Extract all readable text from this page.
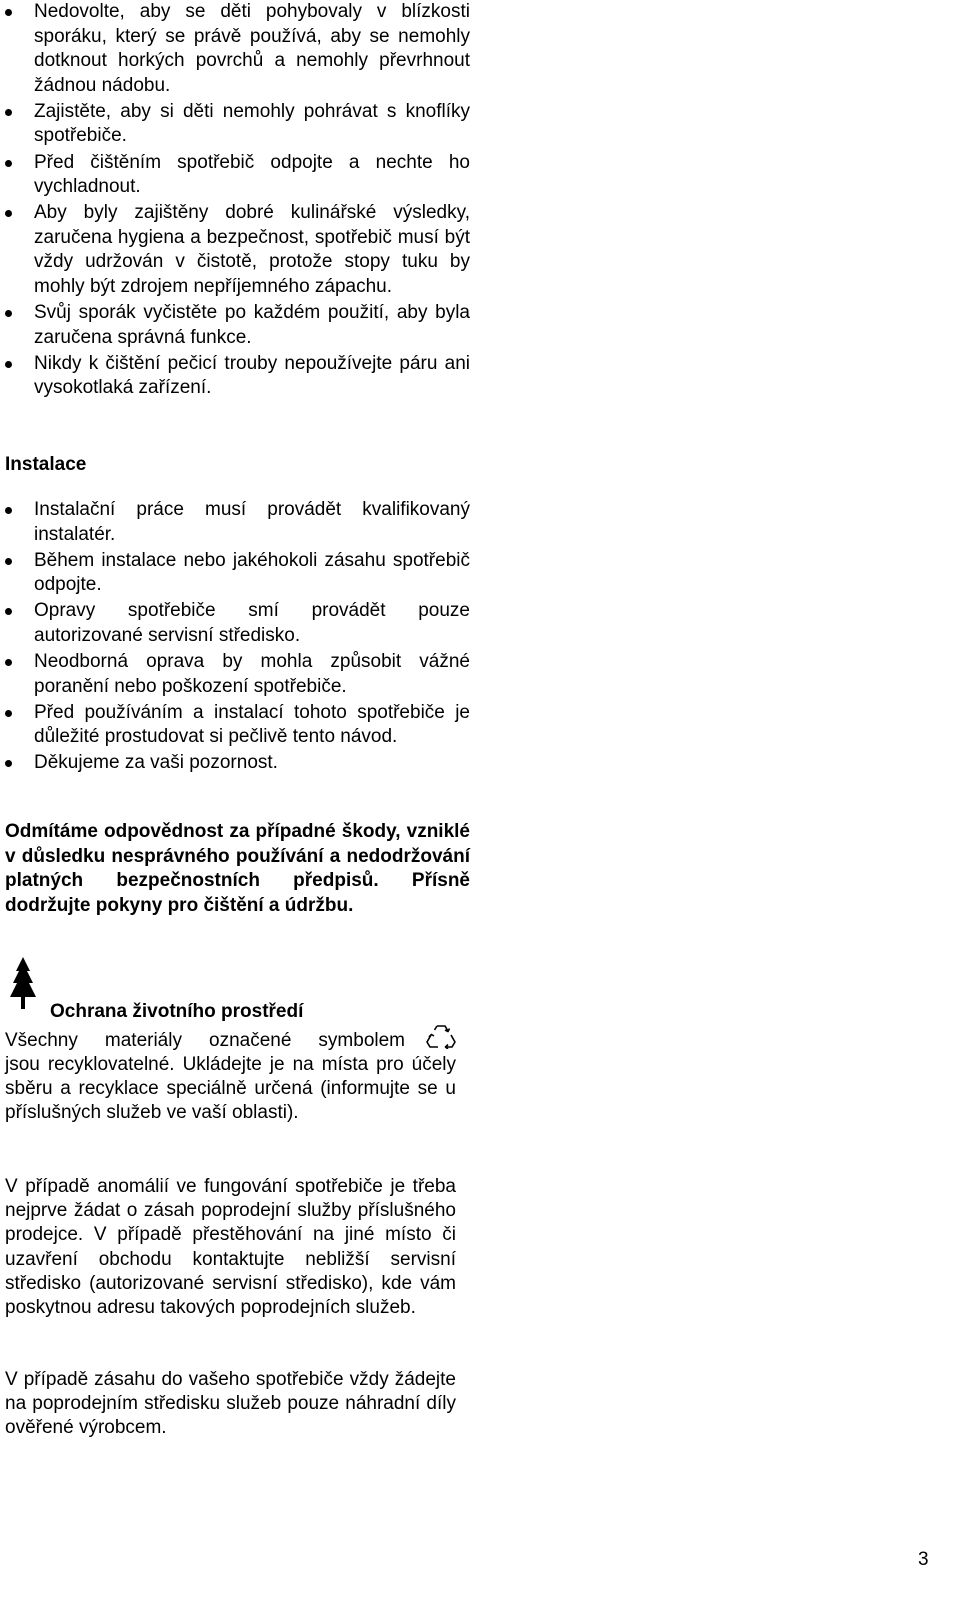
Nedovolte, aby se děti pohybovaly v blízkosti sporáku, který se právě používá, aby se nemohly dotknout horkých povrchů a nemohly převrhnout žádnou nádobu.
Zajistěte, aby si děti nemohly pohrávat s knoflíky spotřebiče.
Před čištěním spotřebič odpojte a nechte ho vychladnout.
Aby byly zajištěny dobré kulinářské výsledky, zaručena hygiena a bezpečnost, spotřebič musí být vždy udržován v čistotě, protože stopy tuku by mohly být zdrojem nepříjemného zápachu.
Svůj sporák vyčistěte po každém použití, aby byla zaručena správná funkce.
Nikdy k čištění pečicí trouby nepoužívejte páru ani vysokotlaká zařízení.
Instalace
Instalační práce musí provádět kvalifikovaný instalatér.
Během instalace nebo jakéhokoli zásahu spotřebič odpojte.
Opravy spotřebiče smí provádět pouze autorizované servisní středisko.
Neodborná oprava by mohla způsobit vážné poranění nebo poškození spotřebiče.
Před používáním a instalací tohoto spotřebiče je důležité prostudovat si pečlivě tento návod.
Děkujeme za vaši pozornost.

Odmítáme odpovědnost za případné škody, vzniklé v důsledku nesprávného používání a nedodržování platných bezpečnostních předpisů. Přísně dodržujte pokyny pro čištění a údržbu.

Ochrana životního prostředí

Všechny materiály označené symbolem

jsou recyklovatelné. Ukládejte je na místa pro účely sběru a recyklace speciálně určená (informujte se u příslušných služeb ve vaší oblasti).

V případě anomálií ve fungování spotřebiče je třeba nejprve žádat o zásah poprodejní služby příslušného prodejce. V případě přestěhování na jiné místo či uzavření obchodu kontaktujte nebližší servisní středisko (autorizované servisní středisko), kde vám poskytnou adresu takových poprodejních služeb.

V případě zásahu do vašeho spotřebiče vždy žádejte na poprodejním středisku služeb pouze náhradní díly ověřené výrobcem.

3
